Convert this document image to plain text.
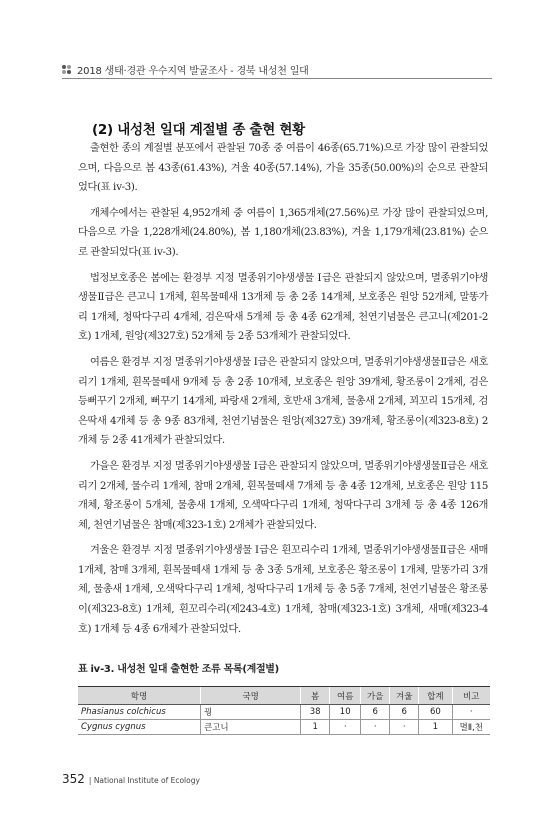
2018 생태·경관 우수지역 발굴조사 - 경북 내성천 일대
(2) 내성천 일대 계절별 종 출현 현황

출현한 종의 계절별 분포에서 관찰된 70종 중 여름이 46종(65.71%)으로 가장 많이 관찰되었으며, 다음으로 봄 43종(61.43%), 겨울 40종(57.14%), 가을 35종(50.00%)의 순으로 관찰되었다(표 ⅳ-3).

개체수에서는 관찰된 4,952개체 중 여름이 1,365개체(27.56%)로 가장 많이 관찰되었으며, 다음으로 가을 1,228개체(24.80%), 봄 1,180개체(23.83%), 겨울 1,179개체(23.81%) 순으로 관찰되었다(표 ⅳ-3).

법정보호종은 봄에는 환경부 지정 멸종위기야생생물 Ⅰ급은 관찰되지 않았으며, 멸종위기야생생물Ⅱ급은 큰고니 1개체, 흰목물떼새 13개체 등 총 2종 14개체, 보호종은 원앙 52개체, 말똥가리 1개체, 청딱다구리 4개체, 검은딱새 5개체 등 총 4종 62개체, 천연기념물은 큰고니(제201-2호) 1개체, 원앙(제327호) 52개체 등 2종 53개체가 관찰되었다.

여름은 환경부 지정 멸종위기야생생물 Ⅰ급은 관찰되지 않았으며, 멸종위기야생생물Ⅱ급은 새호리기 1개체, 흰목물떼새 9개체 등 총 2종 10개체, 보호종은 원앙 39개체, 황조롱이 2개체, 검은등뻐꾸기 2개체, 뻐꾸기 14개체, 파랑새 2개체, 호반새 3개체, 물총새 2개체, 꾀꼬리 15개체, 검은딱새 4개체 등 총 9종 83개체, 천연기념물은 원앙(제327호) 39개체, 황조롱이(제323-8호) 2개체 등 2종 41개체가 관찰되었다.

가을은 환경부 지정 멸종위기야생생물 Ⅰ급은 관찰되지 않았으며, 멸종위기야생생물Ⅱ급은 새호리기 2개체, 물수리 1개체, 참매 2개체, 흰목물떼새 7개체 등 총 4종 12개체, 보호종은 원앙 115개체, 황조롱이 5개체, 물총새 1개체, 오색딱다구리 1개체, 청딱다구리 3개체 등 총 4종 126개체, 천연기념물은 참매(제323-1호) 2개체가 관찰되었다.

겨울은 환경부 지정 멸종위기야생생물 Ⅰ급은 흰꼬리수리 1개체, 멸종위기야생생물Ⅱ급은 새매 1개체, 참매 3개체, 흰목물떼새 1개체 등 총 3종 5개체, 보호종은 황조롱이 1개체, 말똥가리 3개체, 물총새 1개체, 오색딱다구리 1개체, 청딱다구리 1개체 등 총 5종 7개체, 천연기념물은 황조롱이(제323-8호) 1개체, 흰꼬리수리(제243-4호) 1개체, 참매(제323-1호) 3개체, 새매(제323-4호) 1개체 등 4종 6개체가 관찰되었다.

표 ⅳ-3. 내성천 일대 출현한 조류 목록(계절별)
학명	국명	봄	여름	가을	겨울	합계	비고
Phasianus colchicus	꿩	38	10	6	6	60	·
Cygnus cygnus	큰고니	1	·	·	·	1	멸Ⅱ,천
352 | National Institute of Ecology
